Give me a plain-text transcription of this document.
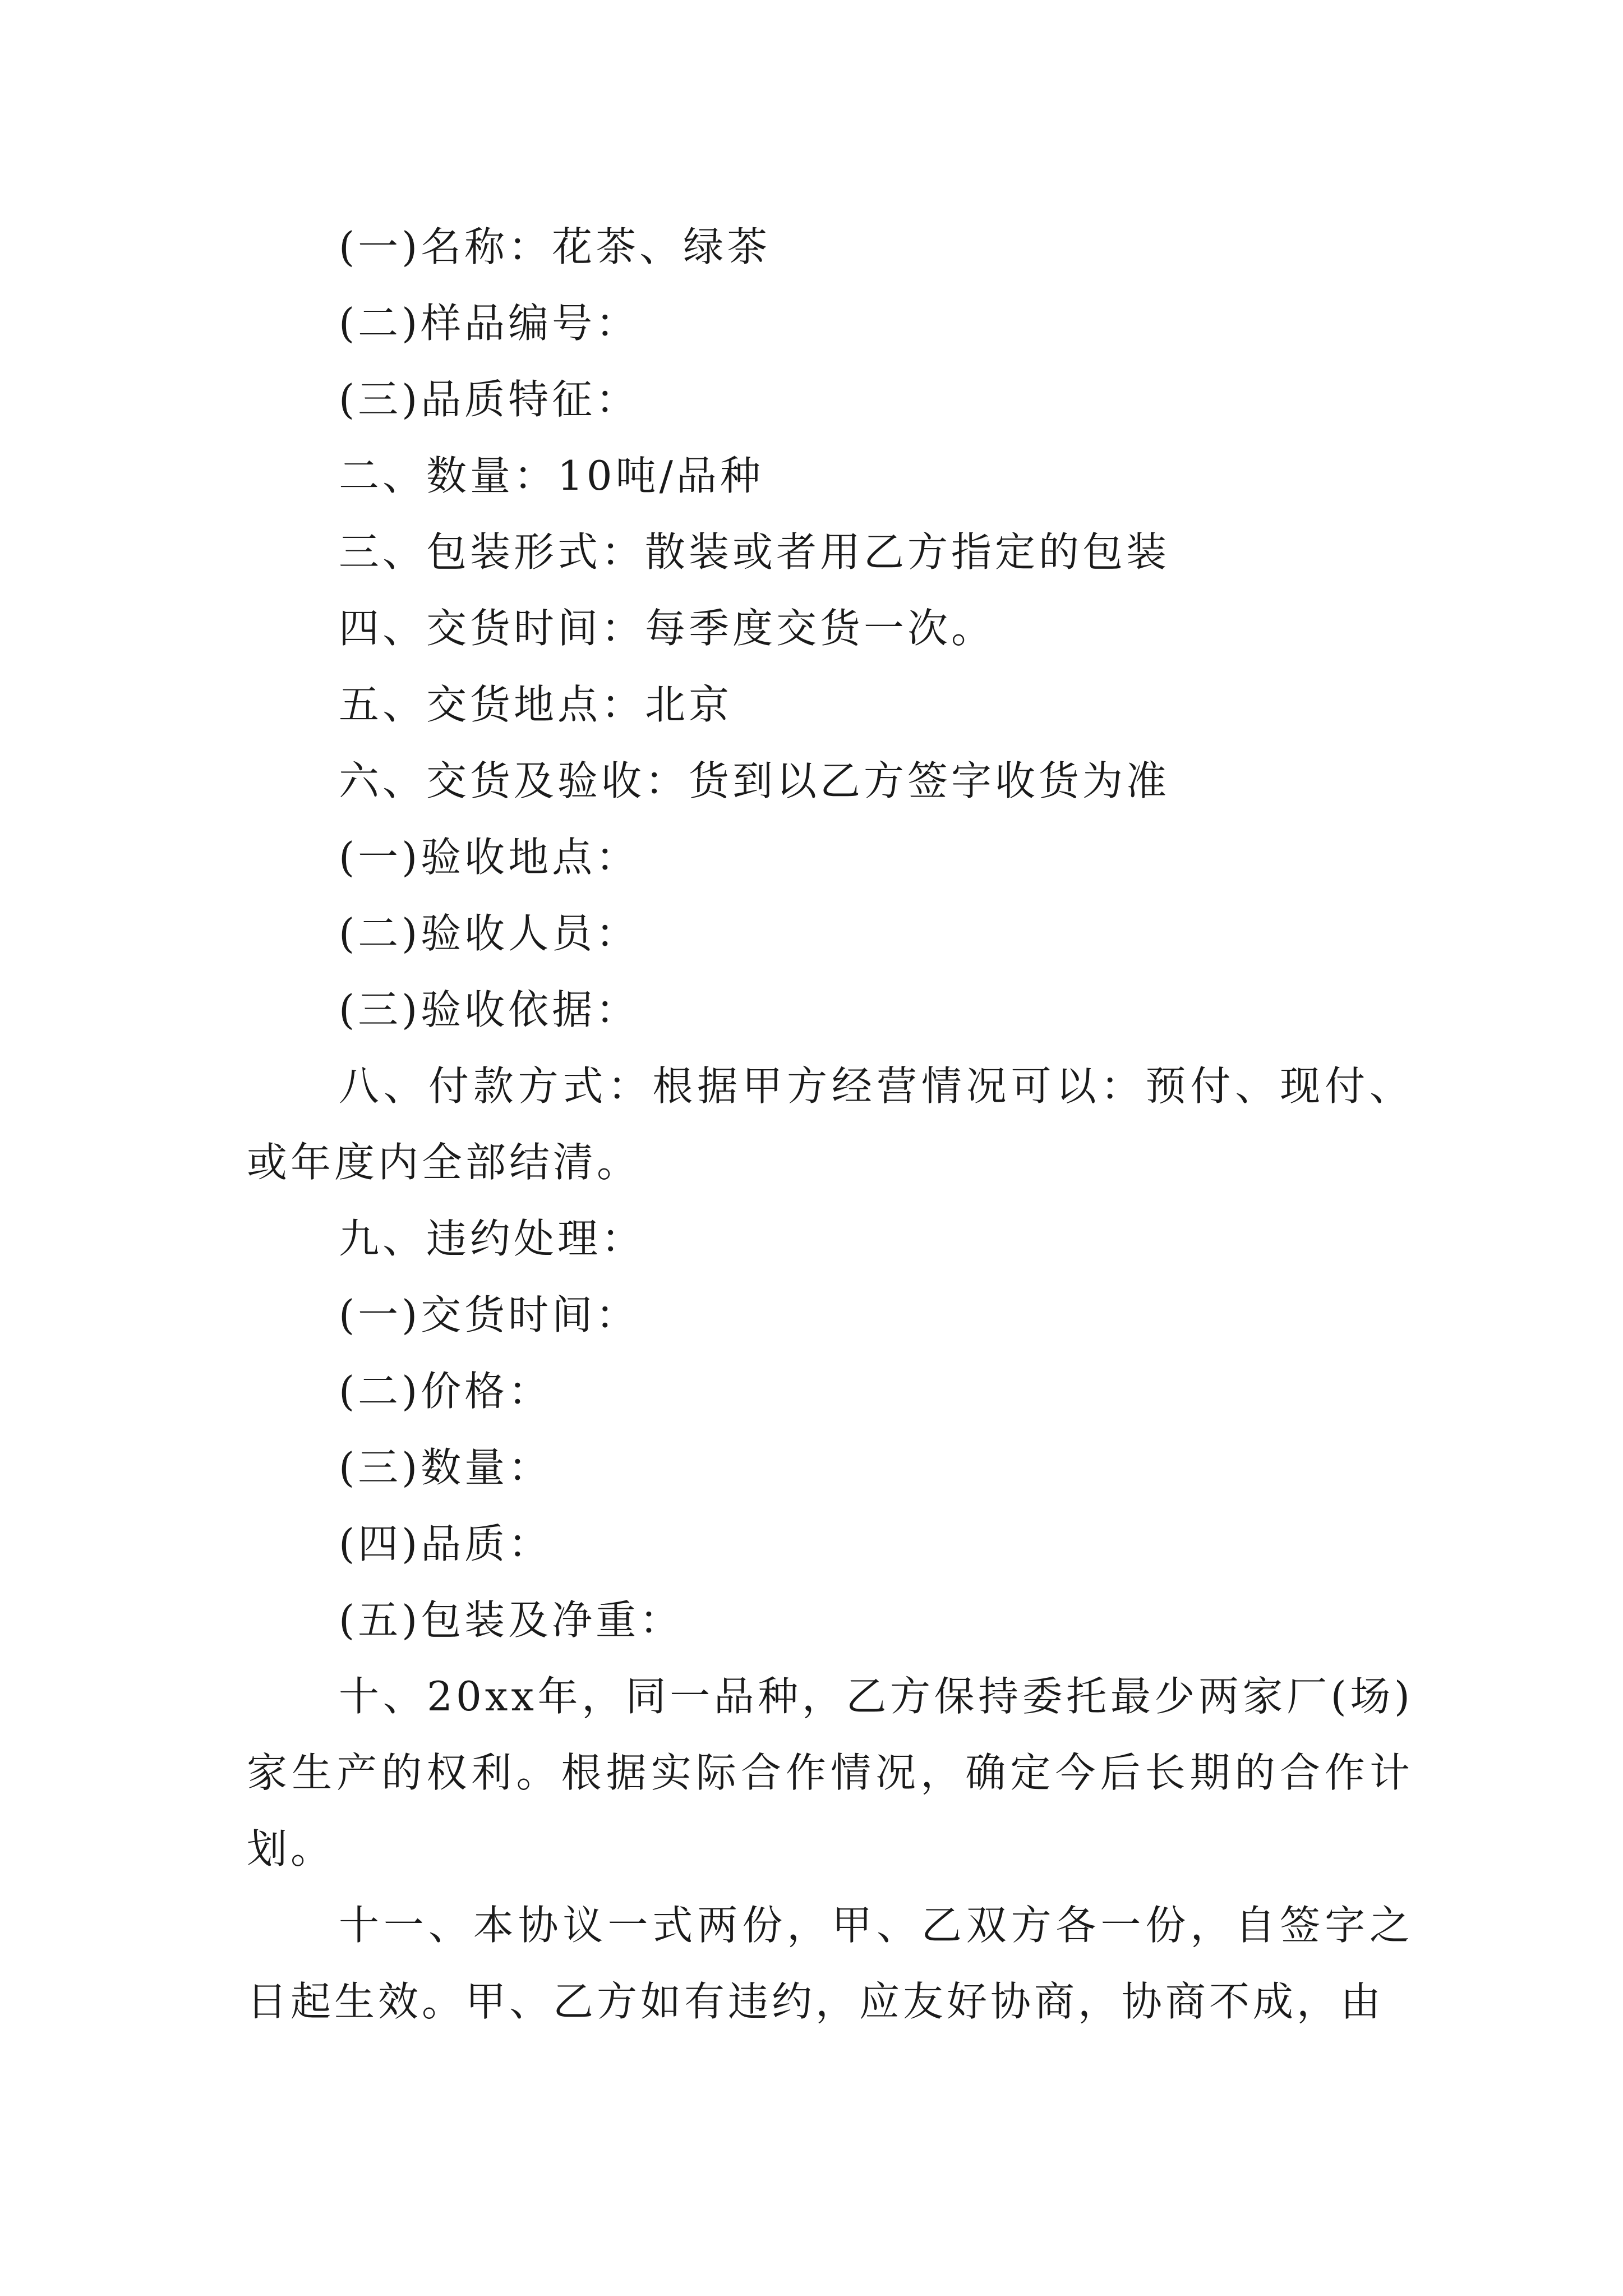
(一)名称：花茶、绿茶
(二)样品编号：
(三)品质特征：
二、数量：10吨/品种
三、包装形式：散装或者用乙方指定的包装
四、交货时间：每季度交货一次。
五、交货地点：北京
六、交货及验收：货到以乙方签字收货为准
(一)验收地点：
(二)验收人员：
(三)验收依据：
八、付款方式：根据甲方经营情况可以：预付、现付、或年度内全部结清。
九、违约处理：
(一)交货时间：
(二)价格：
(三)数量：
(四)品质：
(五)包装及净重：
十、20xx年，同一品种，乙方保持委托最少两家厂(场)家生产的权利。根据实际合作情况，确定今后长期的合作计划。
十一、本协议一式两份，甲、乙双方各一份，自签字之日起生效。甲、乙方如有违约，应友好协商，协商不成，由
